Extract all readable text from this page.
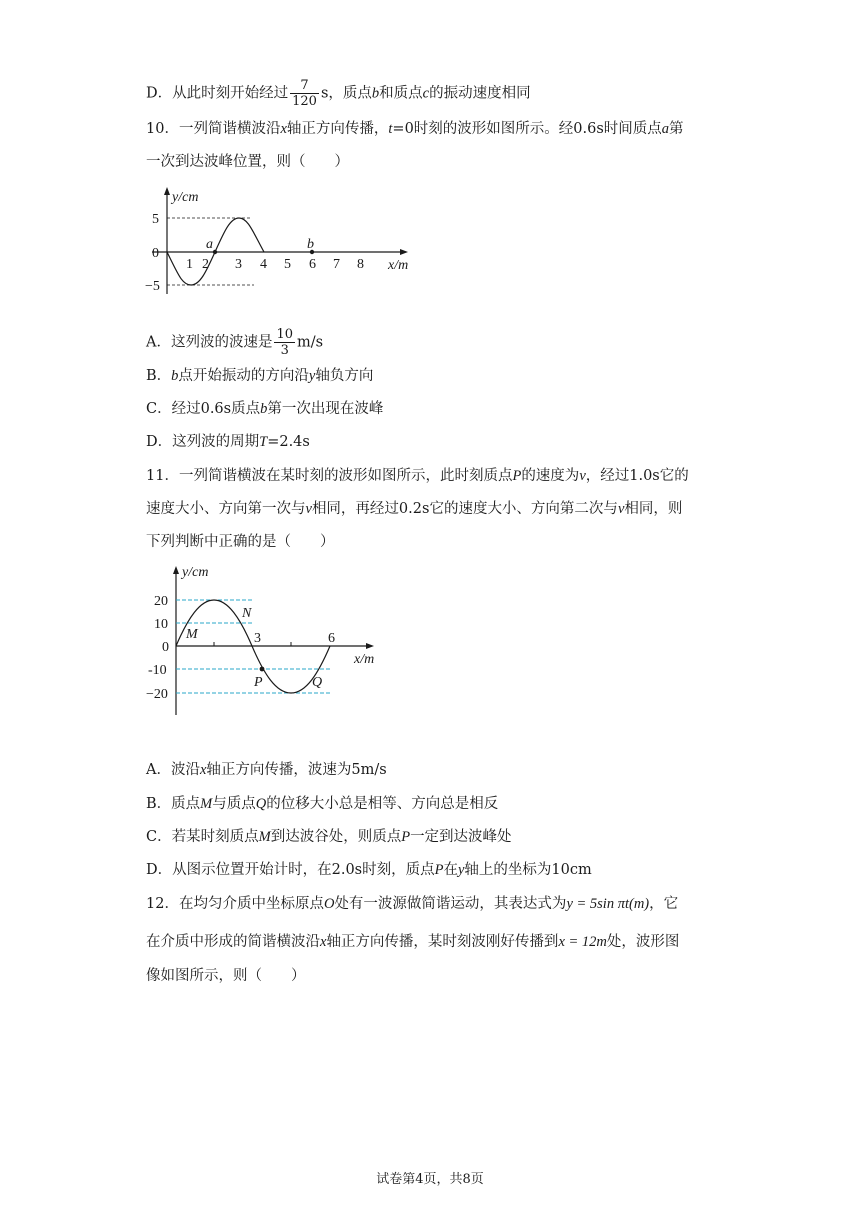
D．从此时刻开始经过 $\frac{7}{120}$ s，质点b和质点c的振动速度相同
10．一列简谐横波沿x轴正方向传播，t=0时刻的波形如图所示。经0.6s时间质点a第
一次到达波峰位置，则（　　）
y/cm
x/m
5
0
−5
1 2 3 4 5 6 7 8
a	b
A．这列波的波速是 $\frac{10}{3} m/s$
B．b点开始振动的方向沿y轴负方向
C．经过0.6s质点b第一次出现在波峰
D．这列波的周期T=2.4s
11．一列简谐横波在某时刻的波形如图所示，此时刻质点P的速度为v，经过1.0s它的
速度大小、方向第一次与v相同，再经过0.2s它的速度大小、方向第二次与v相同，则
下列判断中正确的是（　　）
y/cm
x/m
20
10
0
-10
−20
3	6
M
N
P	Q
A．波沿x轴正方向传播，波速为5m/s
B．质点M与质点Q的位移大小总是相等、方向总是相反
C．若某时刻质点M到达波谷处，则质点P一定到达波峰处
D．从图示位置开始计时，在2.0s时刻，质点P在y轴上的坐标为10cm
12．在均匀介质中坐标原点O处有一波源做简谐运动，其表达式为y = 5sin πt(m)，它
在介质中形成的简谐横波沿x轴正方向传播，某时刻波刚好传播到x = 12m处，波形图
像如图所示，则（　　）
试卷第4页，共8页
